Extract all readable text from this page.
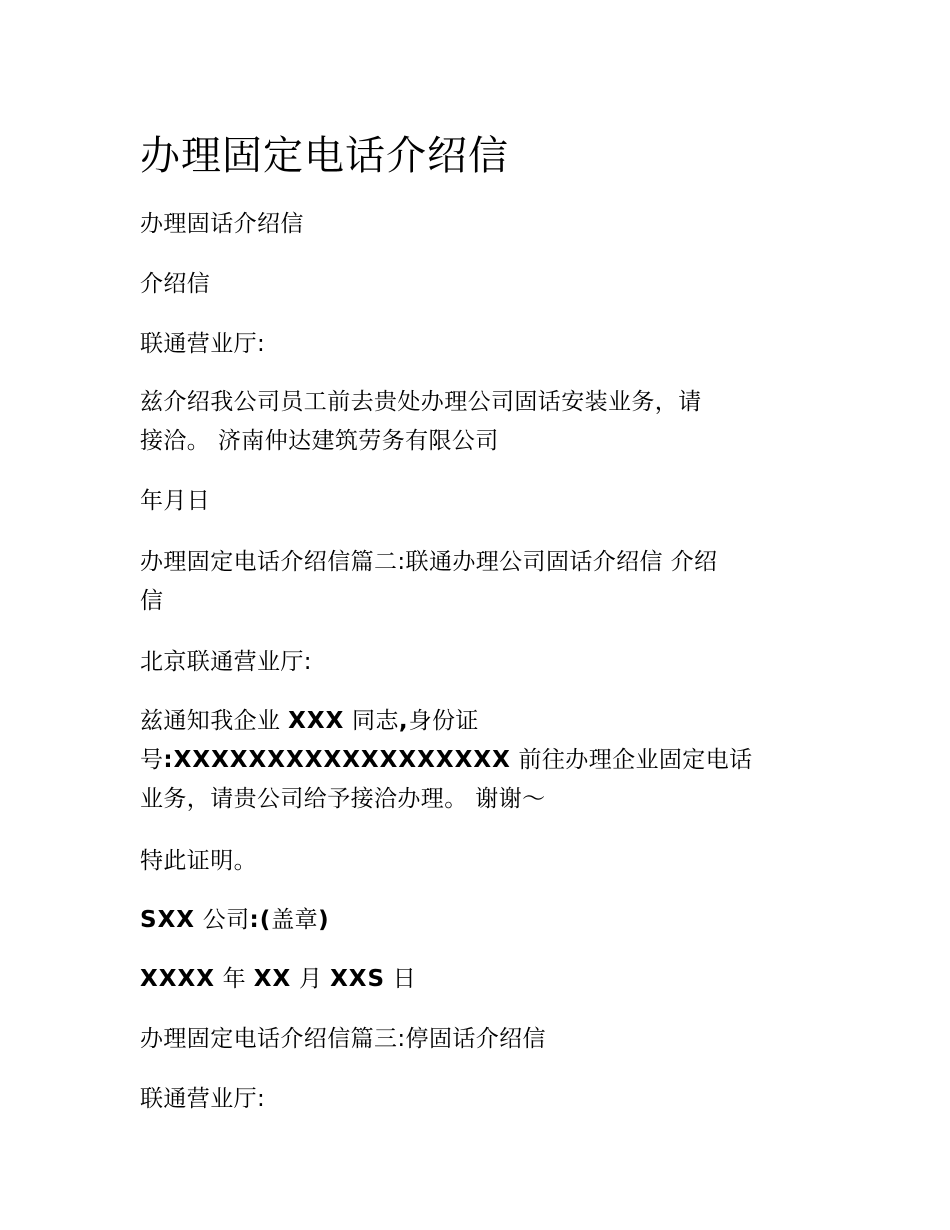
办理固定电话介绍信
办理固话介绍信
介绍信
联通营业厅:
兹介绍我公司员工前去贵处办理公司固话安装业务，请
接洽。 济南仲达建筑劳务有限公司
年月日
办理固定电话介绍信篇二:联通办理公司固话介绍信 介绍
信
北京联通营业厅:
兹通知我企业 XXX 同志,身份证
号:XXXXXXXXXXXXXXXXXX 前往办理企业固定电话
业务，请贵公司给予接洽办理。 谢谢～
特此证明。
SXX 公司:(盖章)
XXXX 年 XX 月 XXS 日
办理固定电话介绍信篇三:停固话介绍信
联通营业厅:
